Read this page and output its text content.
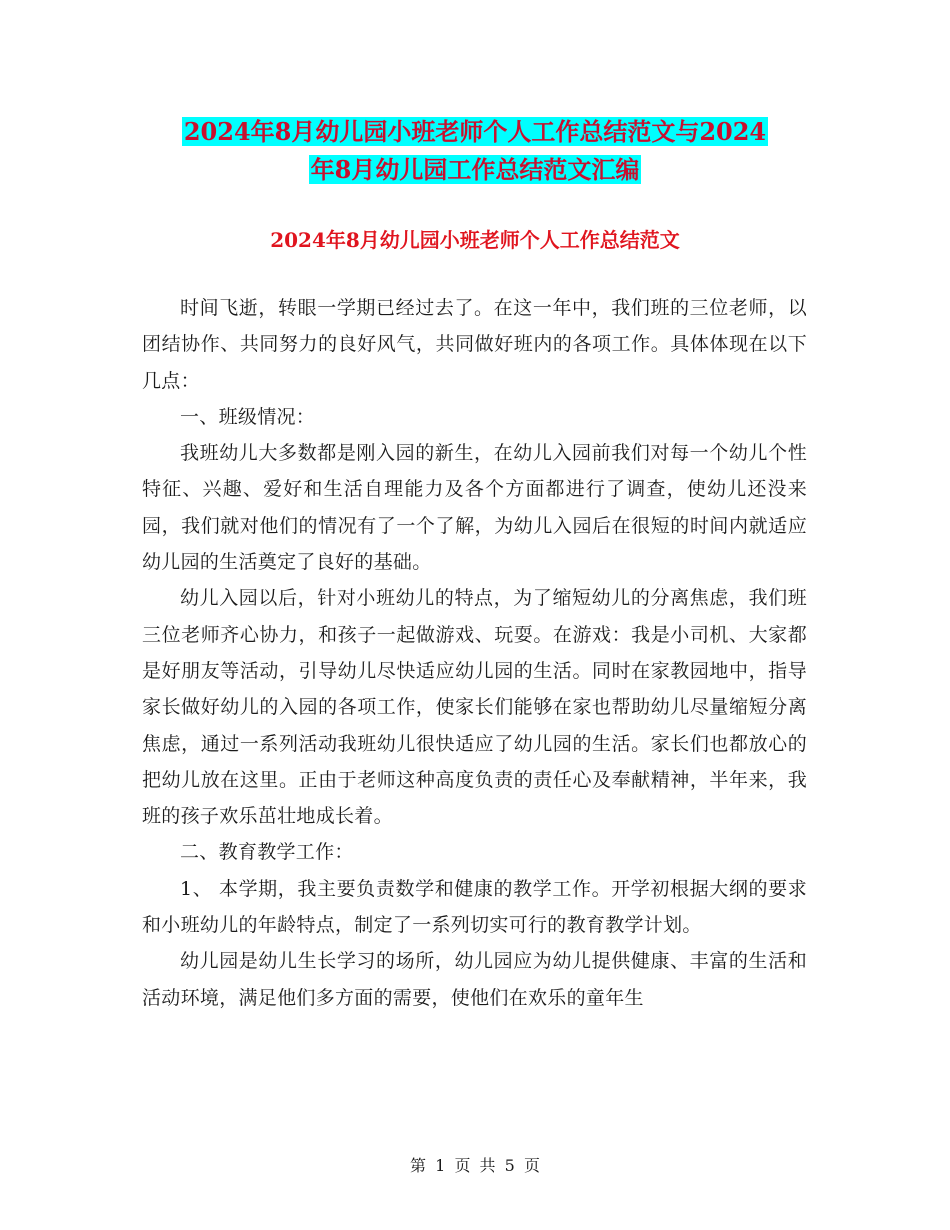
2024年8月幼儿园小班老师个人工作总结范文与2024
年8月幼儿园工作总结范文汇编
2024年8月幼儿园小班老师个人工作总结范文

时间飞逝，转眼一学期已经过去了。在这一年中，我们班的三位老师，以团结协作、共同努力的良好风气，共同做好班内的各项工作。具体体现在以下几点：

一、班级情况：

我班幼儿大多数都是刚入园的新生，在幼儿入园前我们对每一个幼儿个性特征、兴趣、爱好和生活自理能力及各个方面都进行了调查，使幼儿还没来园，我们就对他们的情况有了一个了解，为幼儿入园后在很短的时间内就适应幼儿园的生活奠定了良好的基础。

幼儿入园以后，针对小班幼儿的特点，为了缩短幼儿的分离焦虑，我们班三位老师齐心协力，和孩子一起做游戏、玩耍。在游戏：我是小司机、大家都是好朋友等活动，引导幼儿尽快适应幼儿园的生活。同时在家教园地中，指导家长做好幼儿的入园的各项工作，使家长们能够在家也帮助幼儿尽量缩短分离焦虑，通过一系列活动我班幼儿很快适应了幼儿园的生活。家长们也都放心的把幼儿放在这里。正由于老师这种高度负责的责任心及奉献精神，半年来，我班的孩子欢乐茁壮地成长着。

二、教育教学工作：

1、 本学期，我主要负责数学和健康的教学工作。开学初根据大纲的要求和小班幼儿的年龄特点，制定了一系列切实可行的教育教学计划。

幼儿园是幼儿生长学习的场所，幼儿园应为幼儿提供健康、丰富的生活和活动环境，满足他们多方面的需要，使他们在欢乐的童年生

第 1 页 共 5 页
